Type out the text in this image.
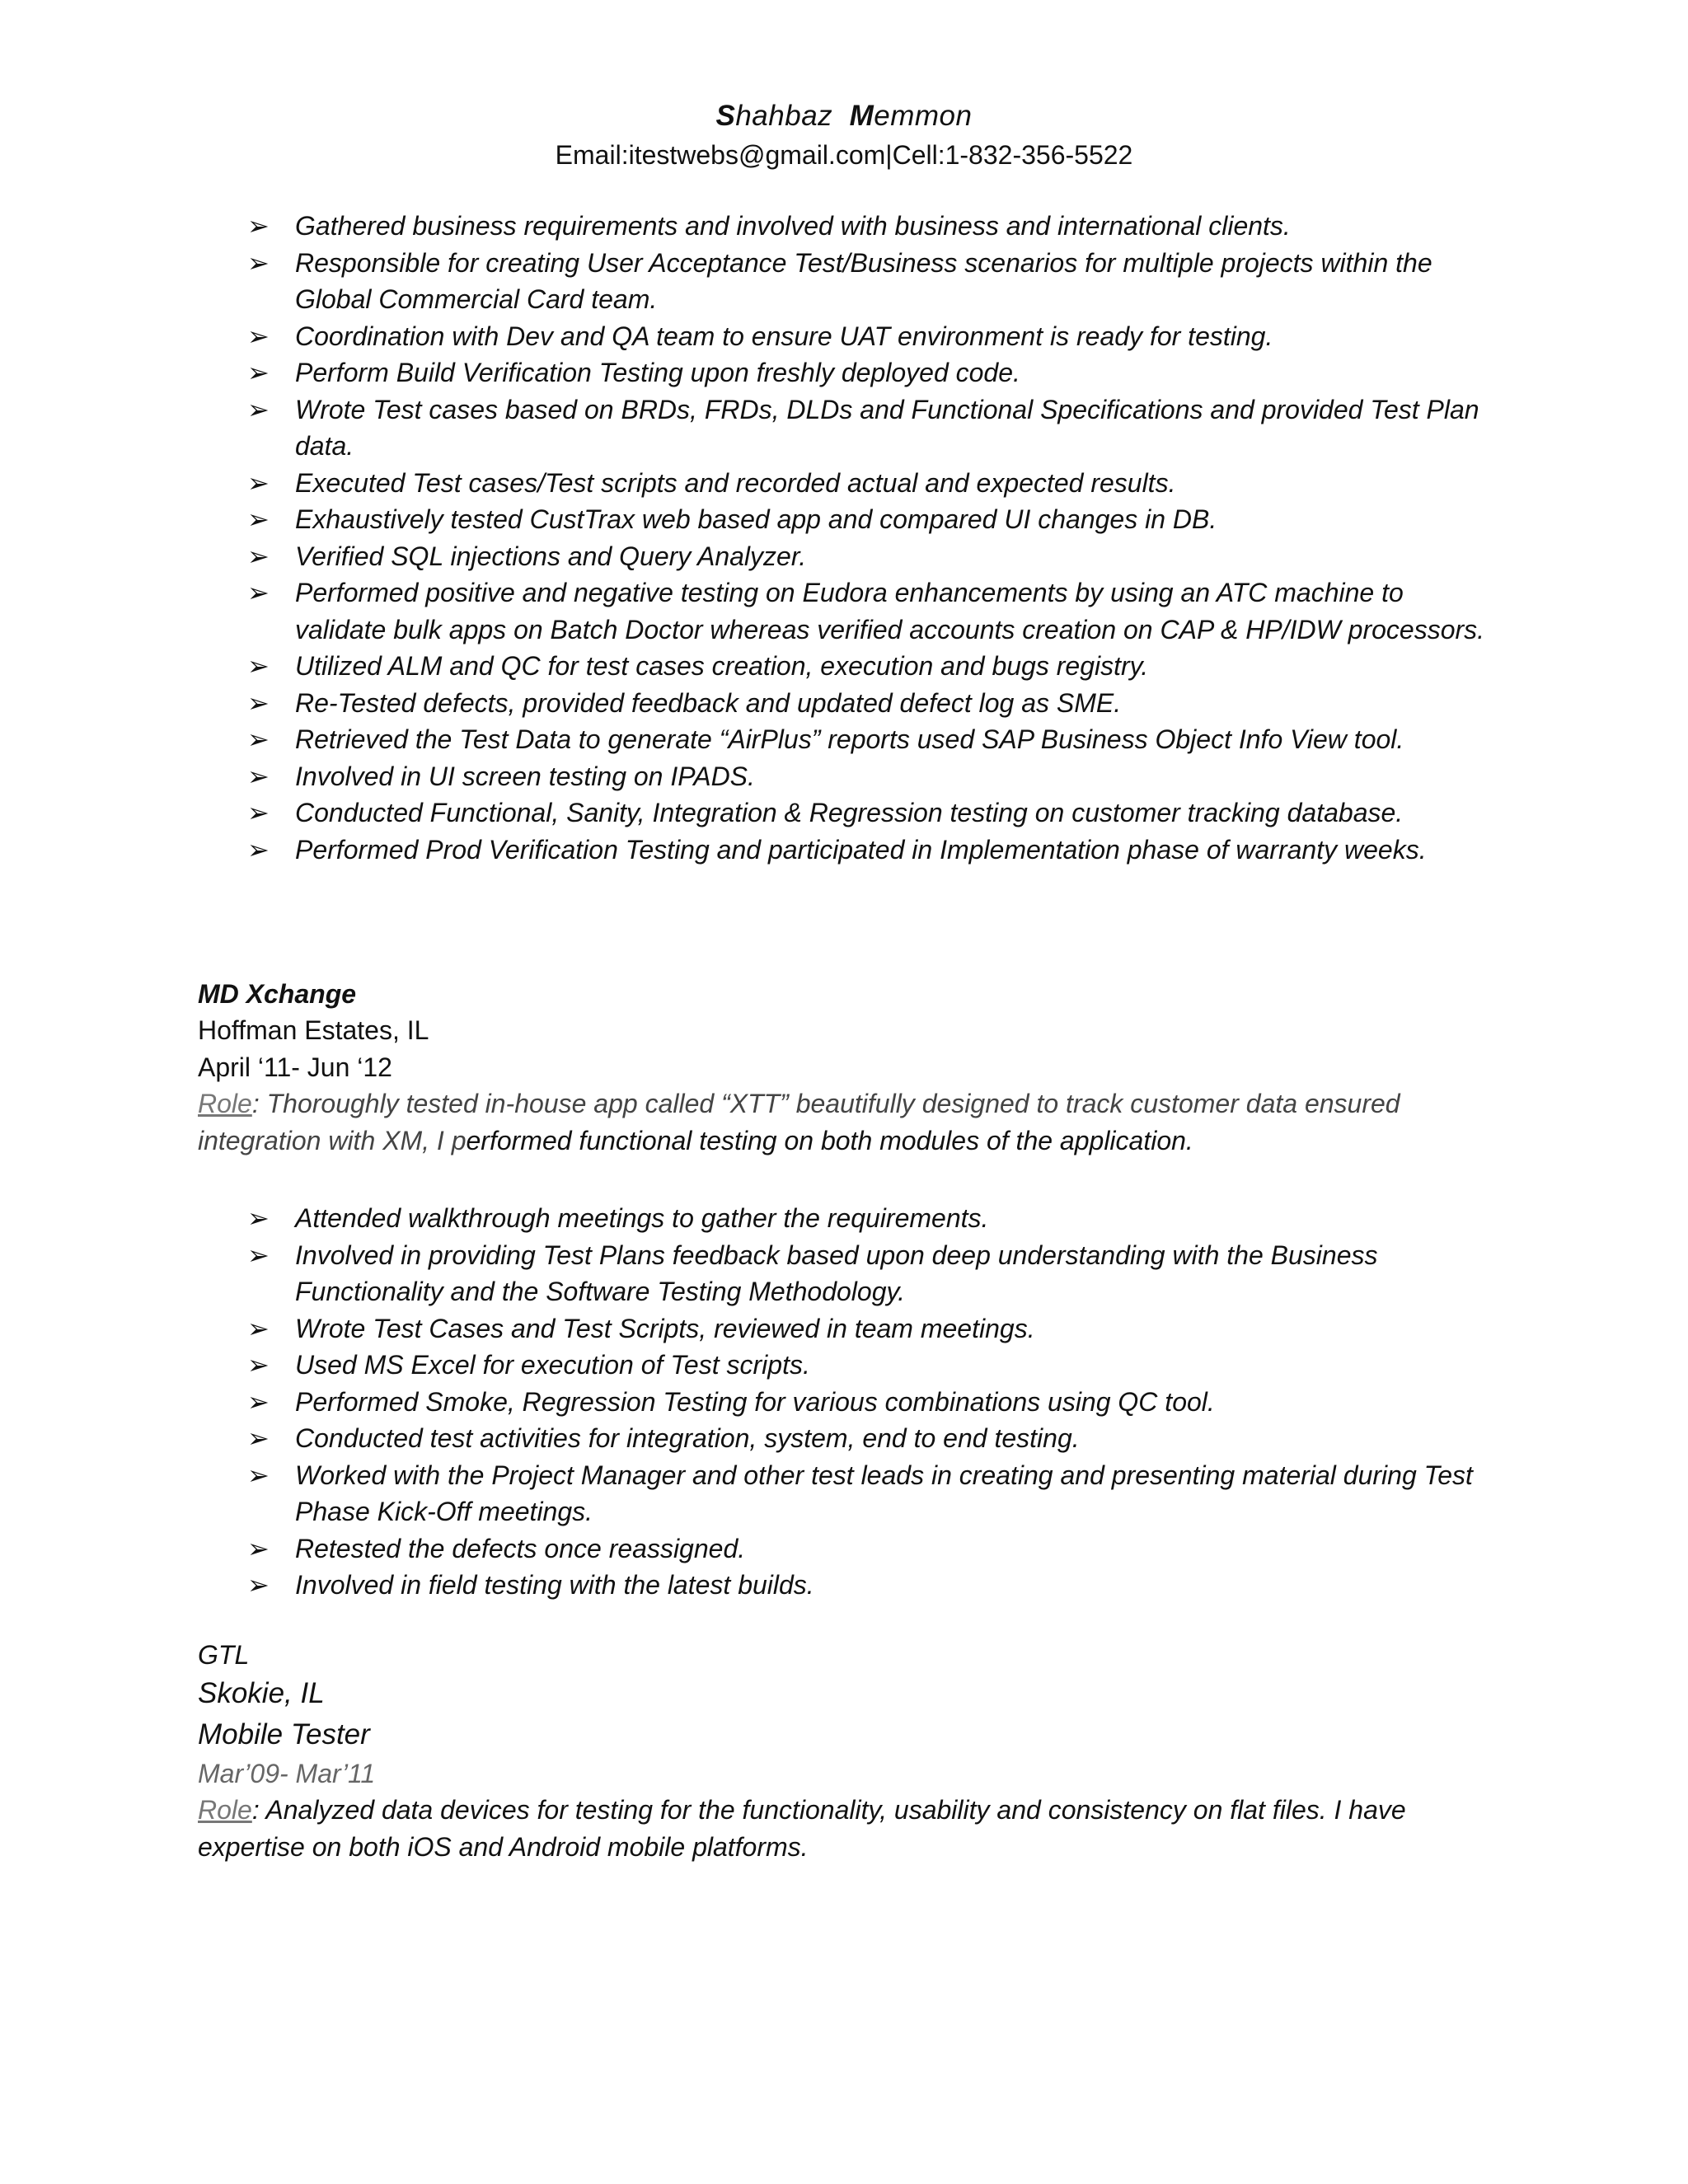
Shahbaz Memmon
Email:itestwebs@gmail.com|Cell:1-832-356-5522
➢ Gathered business requirements and involved with business and international clients.
➢ Responsible for creating User Acceptance Test/Business scenarios for multiple projects within the Global Commercial Card team.
➢ Coordination with Dev and QA team to ensure UAT environment is ready for testing.
➢ Perform Build Verification Testing upon freshly deployed code.
➢ Wrote Test cases based on BRDs, FRDs, DLDs and Functional Specifications and provided Test Plan data.
➢ Executed Test cases/Test scripts and recorded actual and expected results.
➢ Exhaustively tested CustTrax web based app and compared UI changes in DB.
➢ Verified SQL injections and Query Analyzer.
➢ Performed positive and negative testing on Eudora enhancements by using an ATC machine to validate bulk apps on Batch Doctor whereas verified accounts creation on CAP & HP/IDW processors.
➢ Utilized ALM and QC for test cases creation, execution and bugs registry.
➢ Re-Tested defects, provided feedback and updated defect log as SME.
➢ Retrieved the Test Data to generate “AirPlus” reports used SAP Business Object Info View tool.
➢ Involved in UI screen testing on IPADS.
➢ Conducted Functional, Sanity, Integration & Regression testing on customer tracking database.
➢ Performed Prod Verification Testing and participated in Implementation phase of warranty weeks.
MD Xchange
Hoffman Estates, IL
April ‘11- Jun ‘12
Role: Thoroughly tested in-house app called “XTT” beautifully designed to track customer data ensured integration with XM, I performed functional testing on both modules of the application.
➢ Attended walkthrough meetings to gather the requirements.
➢ Involved in providing Test Plans feedback based upon deep understanding with the Business Functionality and the Software Testing Methodology.
➢ Wrote Test Cases and Test Scripts, reviewed in team meetings.
➢ Used MS Excel for execution of Test scripts.
➢ Performed Smoke, Regression Testing for various combinations using QC tool.
➢ Conducted test activities for integration, system, end to end testing.
➢ Worked with the Project Manager and other test leads in creating and presenting material during Test Phase Kick-Off meetings.
➢ Retested the defects once reassigned.
➢ Involved in field testing with the latest builds.
GTL
Skokie, IL
Mobile Tester
Mar’09- Mar’11
Role: Analyzed data devices for testing for the functionality, usability and consistency on flat files. I have expertise on both iOS and Android mobile platforms.
